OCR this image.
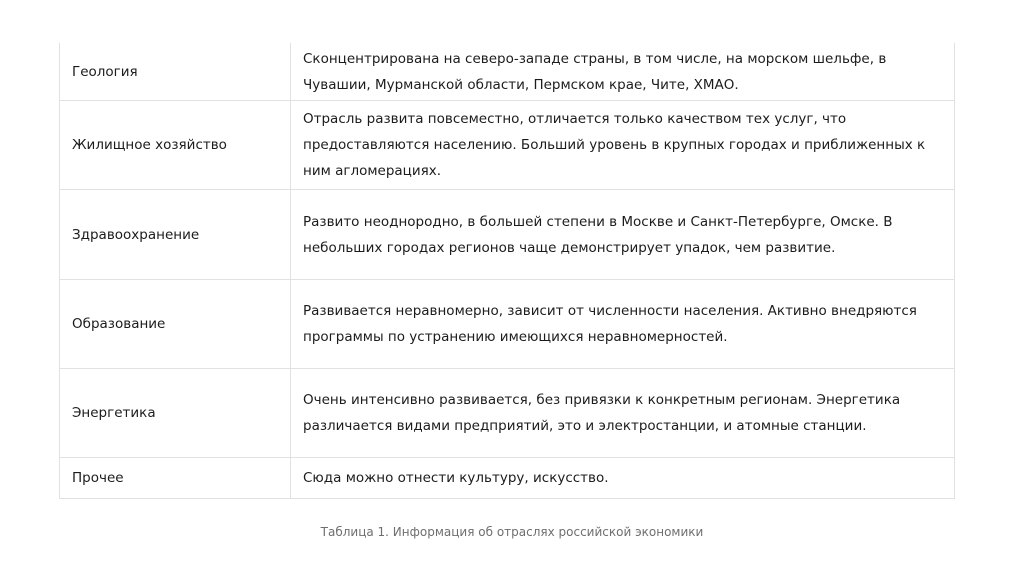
Геология	Сконцентрирована на северо-западе страны, в том числе, на морском шельфе, в Чувашии, Мурманской области, Пермском крае, Чите, ХМАО.
Жилищное хозяйство	Отрасль развита повсеместно, отличается только качеством тех услуг, что предоставляются населению. Больший уровень в крупных городах и приближенных к ним агломерациях.
Здравоохранение	Развито неоднородно, в большей степени в Москве и Санкт-Петербурге, Омске. В небольших городах регионов чаще демонстрирует упадок, чем развитие.
Образование	Развивается неравномерно, зависит от численности населения. Активно внедряются программы по устранению имеющихся неравномерностей.
Энергетика	Очень интенсивно развивается, без привязки к конкретным регионам. Энергетика различается видами предприятий, это и электростанции, и атомные станции.
Прочее	Сюда можно отнести культуру, искусство.
Таблица 1. Информация об отраслях российской экономики
